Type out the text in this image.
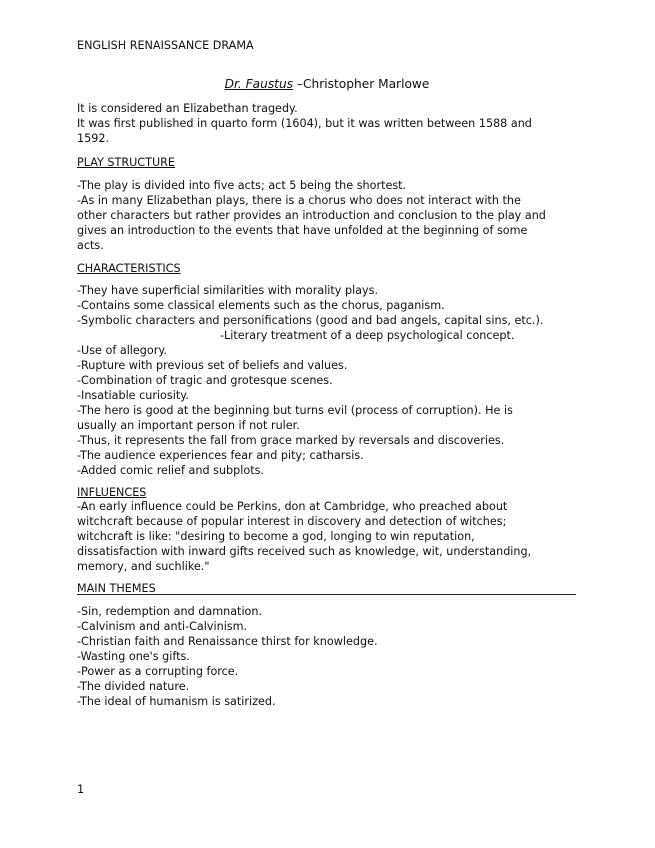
ENGLISH RENAISSANCE DRAMA
Dr. Faustus –Christopher Marlowe
It is considered an Elizabethan tragedy.
It was first published in quarto form (1604), but it was written between 1588 and
1592.
PLAY STRUCTURE
-The play is divided into five acts; act 5 being the shortest.
-As in many Elizabethan plays, there is a chorus who does not interact with the
other characters but rather provides an introduction and conclusion to the play and
gives an introduction to the events that have unfolded at the beginning of some
acts.
CHARACTERISTICS
-They have superficial similarities with morality plays.
-Contains some classical elements such as the chorus, paganism.
-Symbolic characters and personifications (good and bad angels, capital sins, etc.).
-Literary treatment of a deep psychological concept.
-Use of allegory.
-Rupture with previous set of beliefs and values.
-Combination of tragic and grotesque scenes.
-Insatiable curiosity.
-The hero is good at the beginning but turns evil (process of corruption). He is
usually an important person if not ruler.
-Thus, it represents the fall from grace marked by reversals and discoveries.
-The audience experiences fear and pity; catharsis.
-Added comic relief and subplots.
INFLUENCES
-An early influence could be Perkins, don at Cambridge, who preached about
witchcraft because of popular interest in discovery and detection of witches;
witchcraft is like: "desiring to become a god, longing to win reputation,
dissatisfaction with inward gifts received such as knowledge, wit, understanding,
memory, and suchlike."
MAIN THEMES
-Sin, redemption and damnation.
-Calvinism and anti-Calvinism.
-Christian faith and Renaissance thirst for knowledge.
-Wasting one's gifts.
-Power as a corrupting force.
-The divided nature.
-The ideal of humanism is satirized.
1
